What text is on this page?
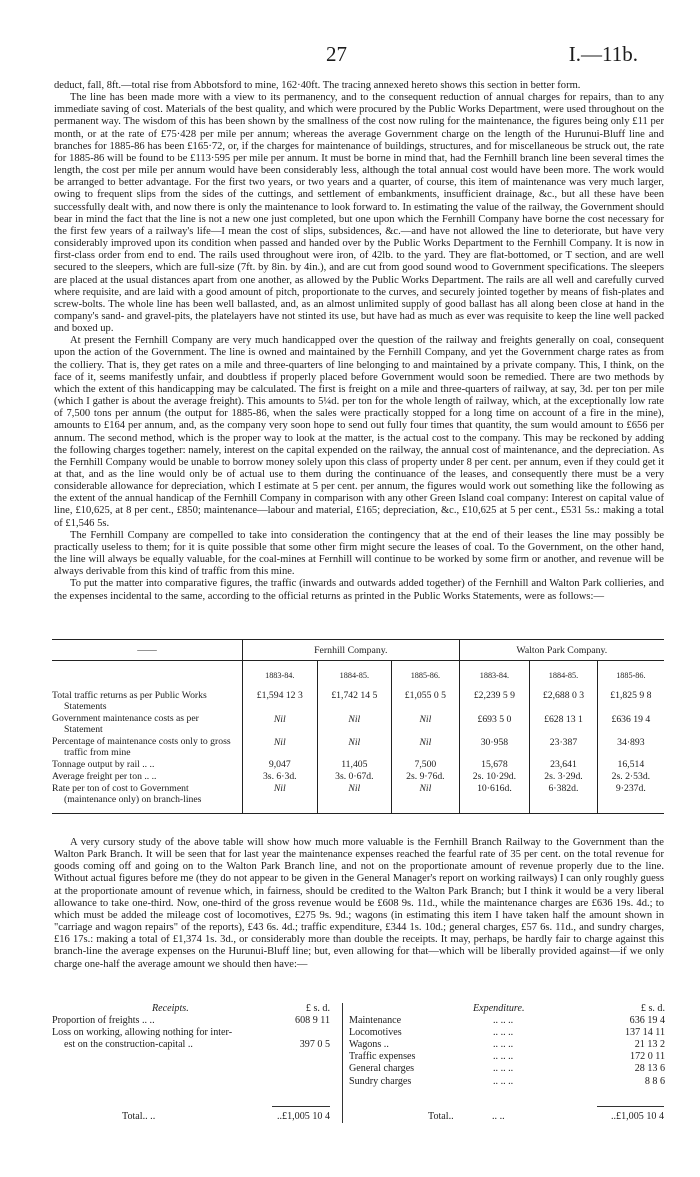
27	I.—11b.

deduct, fall, 8ft.—total rise from Abbotsford to mine, 162·40ft. The tracing annexed hereto shows this section in better form.

The line has been made more with a view to its permanency, and to the consequent reduction of annual charges for repairs, than to any immediate saving of cost. Materials of the best quality, and which were procured by the Public Works Department, were used throughout on the permanent way. The wisdom of this has been shown by the smallness of the cost now ruling for the maintenance, the figures being only £11 per month, or at the rate of £75·428 per mile per annum; whereas the average Government charge on the length of the Hurunui-Bluff line and branches for 1885-86 has been £165·72, or, if the charges for maintenance of buildings, structures, and for miscellaneous be struck out, the rate for 1885-86 will be found to be £113·595 per mile per annum. It must be borne in mind that, had the Fernhill branch line been several times the length, the cost per mile per annum would have been considerably less, although the total annual cost would have been more. The work would be arranged to better advantage. For the first two years, or two years and a quarter, of course, this item of maintenance was very much larger, owing to frequent slips from the sides of the cuttings, and settlement of embankments, insufficient drainage, &c., but all these have been successfully dealt with, and now there is only the maintenance to look forward to. In estimating the value of the railway, the Government should bear in mind the fact that the line is not a new one just completed, but one upon which the Fernhill Company have borne the cost necessary for the first few years of a railway's life—I mean the cost of slips, subsidences, &c.—and have not allowed the line to deteriorate, but have very considerably improved upon its condition when passed and handed over by the Public Works Department to the Fernhill Company. It is now in first-class order from end to end. The rails used throughout were iron, of 42lb. to the yard. They are flat-bottomed, or T section, and are well secured to the sleepers, which are full-size (7ft. by 8in. by 4in.), and are cut from good sound wood to Government specifications. The sleepers are placed at the usual distances apart from one another, as allowed by the Public Works Department. The rails are all well and carefully curved where requisite, and are laid with a good amount of pitch, proportionate to the curves, and securely jointed together by means of fish-plates and screw-bolts. The whole line has been well ballasted, and, as an almost unlimited supply of good ballast has all along been close at hand in the company's sand- and gravel-pits, the platelayers have not stinted its use, but have had as much as ever was requisite to keep the line well packed and boxed up.

At present the Fernhill Company are very much handicapped over the question of the railway and freights generally on coal, consequent upon the action of the Government. The line is owned and maintained by the Fernhill Company, and yet the Government charge rates as from the colliery. That is, they get rates on a mile and three-quarters of line belonging to and maintained by a private company. This, I think, on the face of it, seems manifestly unfair, and doubtless if properly placed before Government would soon be remedied. There are two methods by which the extent of this handicapping may be calculated. The first is freight on a mile and three-quarters of railway, at say, 3d. per ton per mile (which I gather is about the average freight). This amounts to 5¼d. per ton for the whole length of railway, which, at the exceptionally low rate of 7,500 tons per annum (the output for 1885-86, when the sales were practically stopped for a long time on account of a fire in the mine), amounts to £164 per annum, and, as the company very soon hope to send out fully four times that quantity, the sum would amount to £656 per annum. The second method, which is the proper way to look at the matter, is the actual cost to the company. This may be reckoned by adding the following charges together: namely, interest on the capital expended on the railway, the annual cost of maintenance, and the depreciation. As the Fernhill Company would be unable to borrow money solely upon this class of property under 8 per cent. per annum, even if they could get it at that, and as the line would only be of actual use to them during the continuance of the leases, and consequently there must be a very considerable allowance for depreciation, which I estimate at 5 per cent. per annum, the figures would work out something like the following as the extent of the annual handicap of the Fernhill Company in comparison with any other Green Island coal company: Interest on capital value of line, £10,625, at 8 per cent., £850; maintenance—labour and material, £165; depreciation, &c., £10,625 at 5 per cent., £531 5s.: making a total of £1,546 5s.

The Fernhill Company are compelled to take into consideration the contingency that at the end of their leases the line may possibly be practically useless to them; for it is quite possible that some other firm might secure the leases of coal. To the Government, on the other hand, the line will always be equally valuable, for the coal-mines at Fernhill will continue to be worked by some firm or another, and revenue will be always derivable from this kind of traffic from this mine.

To put the matter into comparative figures, the traffic (inwards and outwards added together) of the Fernhill and Walton Park collieries, and the expenses incidental to the same, according to the official returns as printed in the Public Works Statements, were as follows:—

——	Fernhill Company.			Walton Park Company.		
	1883-84.	1884-85.	1885-86.	1883-84.	1884-85.	1885-86.
Total traffic returns as per Public Works Statements	£1,594 12 3	£1,742 14 5	£1,055 0 5	£2,239 5 9	£2,688 0 3	£1,825 9 8
Government maintenance costs as per Statement	Nil	Nil	Nil	£693 5 0	£628 13 1	£636 19 4
Percentage of maintenance costs only to gross traffic from mine	Nil	Nil	Nil	30·958	23·387	34·893
Tonnage output by rail .. ..	9,047	11,405	7,500	15,678	23,641	16,514
Average freight per ton .. ..	3s. 6·3d.	3s. 0·67d.	2s. 9·76d.	2s. 10·29d.	2s. 3·29d.	2s. 2·53d.
Rate per ton of cost to Government (maintenance only) on branch-lines	Nil	Nil	Nil	10·616d.	6·382d.	9·237d.

A very cursory study of the above table will show how much more valuable is the Fernhill Branch Railway to the Government than the Walton Park Branch. It will be seen that for last year the maintenance expenses reached the fearful rate of 35 per cent. on the total revenue for goods coming off and going on to the Walton Park Branch line, and not on the proportionate amount of revenue properly due to the line. Without actual figures before me (they do not appear to be given in the General Manager's report on working railways) I can only roughly guess at the proportionate amount of revenue which, in fairness, should be credited to the Walton Park Branch; but I think it would be a very liberal allowance to take one-third. Now, one-third of the gross revenue would be £608 9s. 11d., while the maintenance charges are £636 19s. 4d.; to which must be added the mileage cost of locomotives, £275 9s. 9d.; wagons (in estimating this item I have taken half the amount shown in "carriage and wagon repairs" of the reports), £43 6s. 4d.; traffic expenditure, £344 1s. 10d.; general charges, £57 6s. 11d., and sundry charges, £16 17s.: making a total of £1,374 1s. 3d., or considerably more than double the receipts. It may, perhaps, be hardly fair to charge against this branch-line the average expenses on the Hurunui-Bluff line; but, even allowing for that—which will be liberally provided against—if we only charge one-half the average amount we should then have:—

Receipts.	£ s. d.
Proportion of freights .. ..	608 9 11
Loss on working, allowing nothing for inter-
est on the construction-capital ..	397 0 5
Expenditure.	£ s. d.
Maintenance	.. .. ..	636 19 4
Locomotives	.. .. ..	137 14 11
Wagons ..	.. .. ..	21 13 2
Traffic expenses	.. .. ..	172 0 11
General charges	.. .. ..	28 13 6
Sundry charges	.. .. ..	8 8 6
Total.. ..	..£1,005 10 4	Total..	.. ..	..£1,005 10 4
